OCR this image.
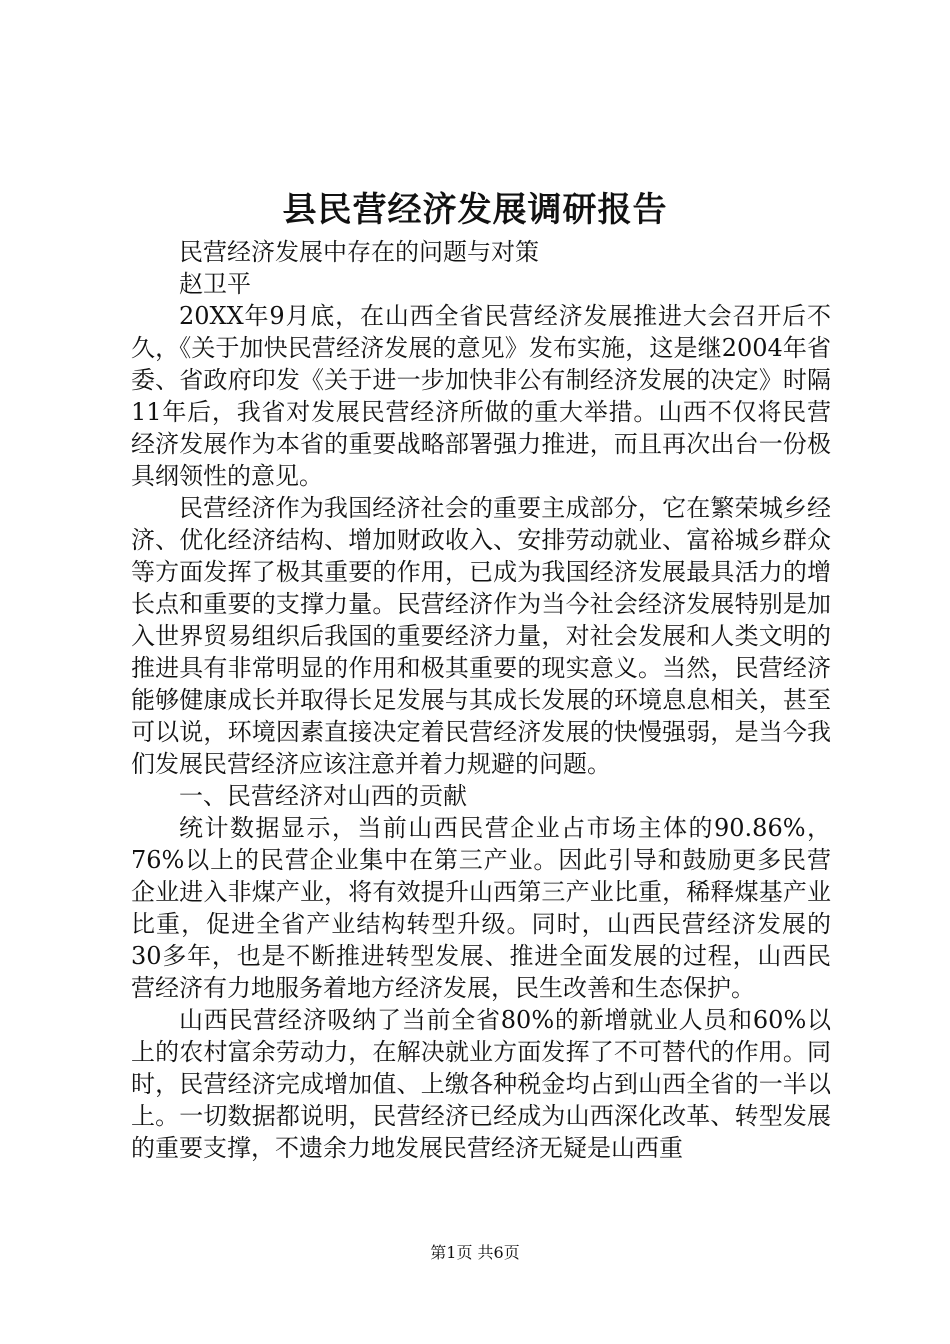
县民营经济发展调研报告

民营经济发展中存在的问题与对策

赵卫平

20XX年9月底，在山西全省民营经济发展推进大会召开后不久，《关于加快民营经济发展的意见》发布实施，这是继2004年省委、省政府印发《关于进一步加快非公有制经济发展的决定》时隔11年后，我省对发展民营经济所做的重大举措。山西不仅将民营经济发展作为本省的重要战略部署强力推进，而且再次出台一份极具纲领性的意见。

民营经济作为我国经济社会的重要主成部分，它在繁荣城乡经济、优化经济结构、增加财政收入、安排劳动就业、富裕城乡群众等方面发挥了极其重要的作用，已成为我国经济发展最具活力的增长点和重要的支撑力量。民营经济作为当今社会经济发展特别是加入世界贸易组织后我国的重要经济力量，对社会发展和人类文明的推进具有非常明显的作用和极其重要的现实意义。当然，民营经济能够健康成长并取得长足发展与其成长发展的环境息息相关，甚至可以说，环境因素直接决定着民营经济发展的快慢强弱，是当今我们发展民营经济应该注意并着力规避的问题。

一、民营经济对山西的贡献

统计数据显示，当前山西民营企业占市场主体的90.86%，76%以上的民营企业集中在第三产业。因此引导和鼓励更多民营企业进入非煤产业，将有效提升山西第三产业比重，稀释煤基产业比重，促进全省产业结构转型升级。同时，山西民营经济发展的30多年，也是不断推进转型发展、推进全面发展的过程，山西民营经济有力地服务着地方经济发展，民生改善和生态保护。

山西民营经济吸纳了当前全省80%的新增就业人员和60%以上的农村富余劳动力，在解决就业方面发挥了不可替代的作用。同时，民营经济完成增加值、上缴各种税金均占到山西全省的一半以上。一切数据都说明，民营经济已经成为山西深化改革、转型发展的重要支撑，不遗余力地发展民营经济无疑是山西重

第1页 共6页
